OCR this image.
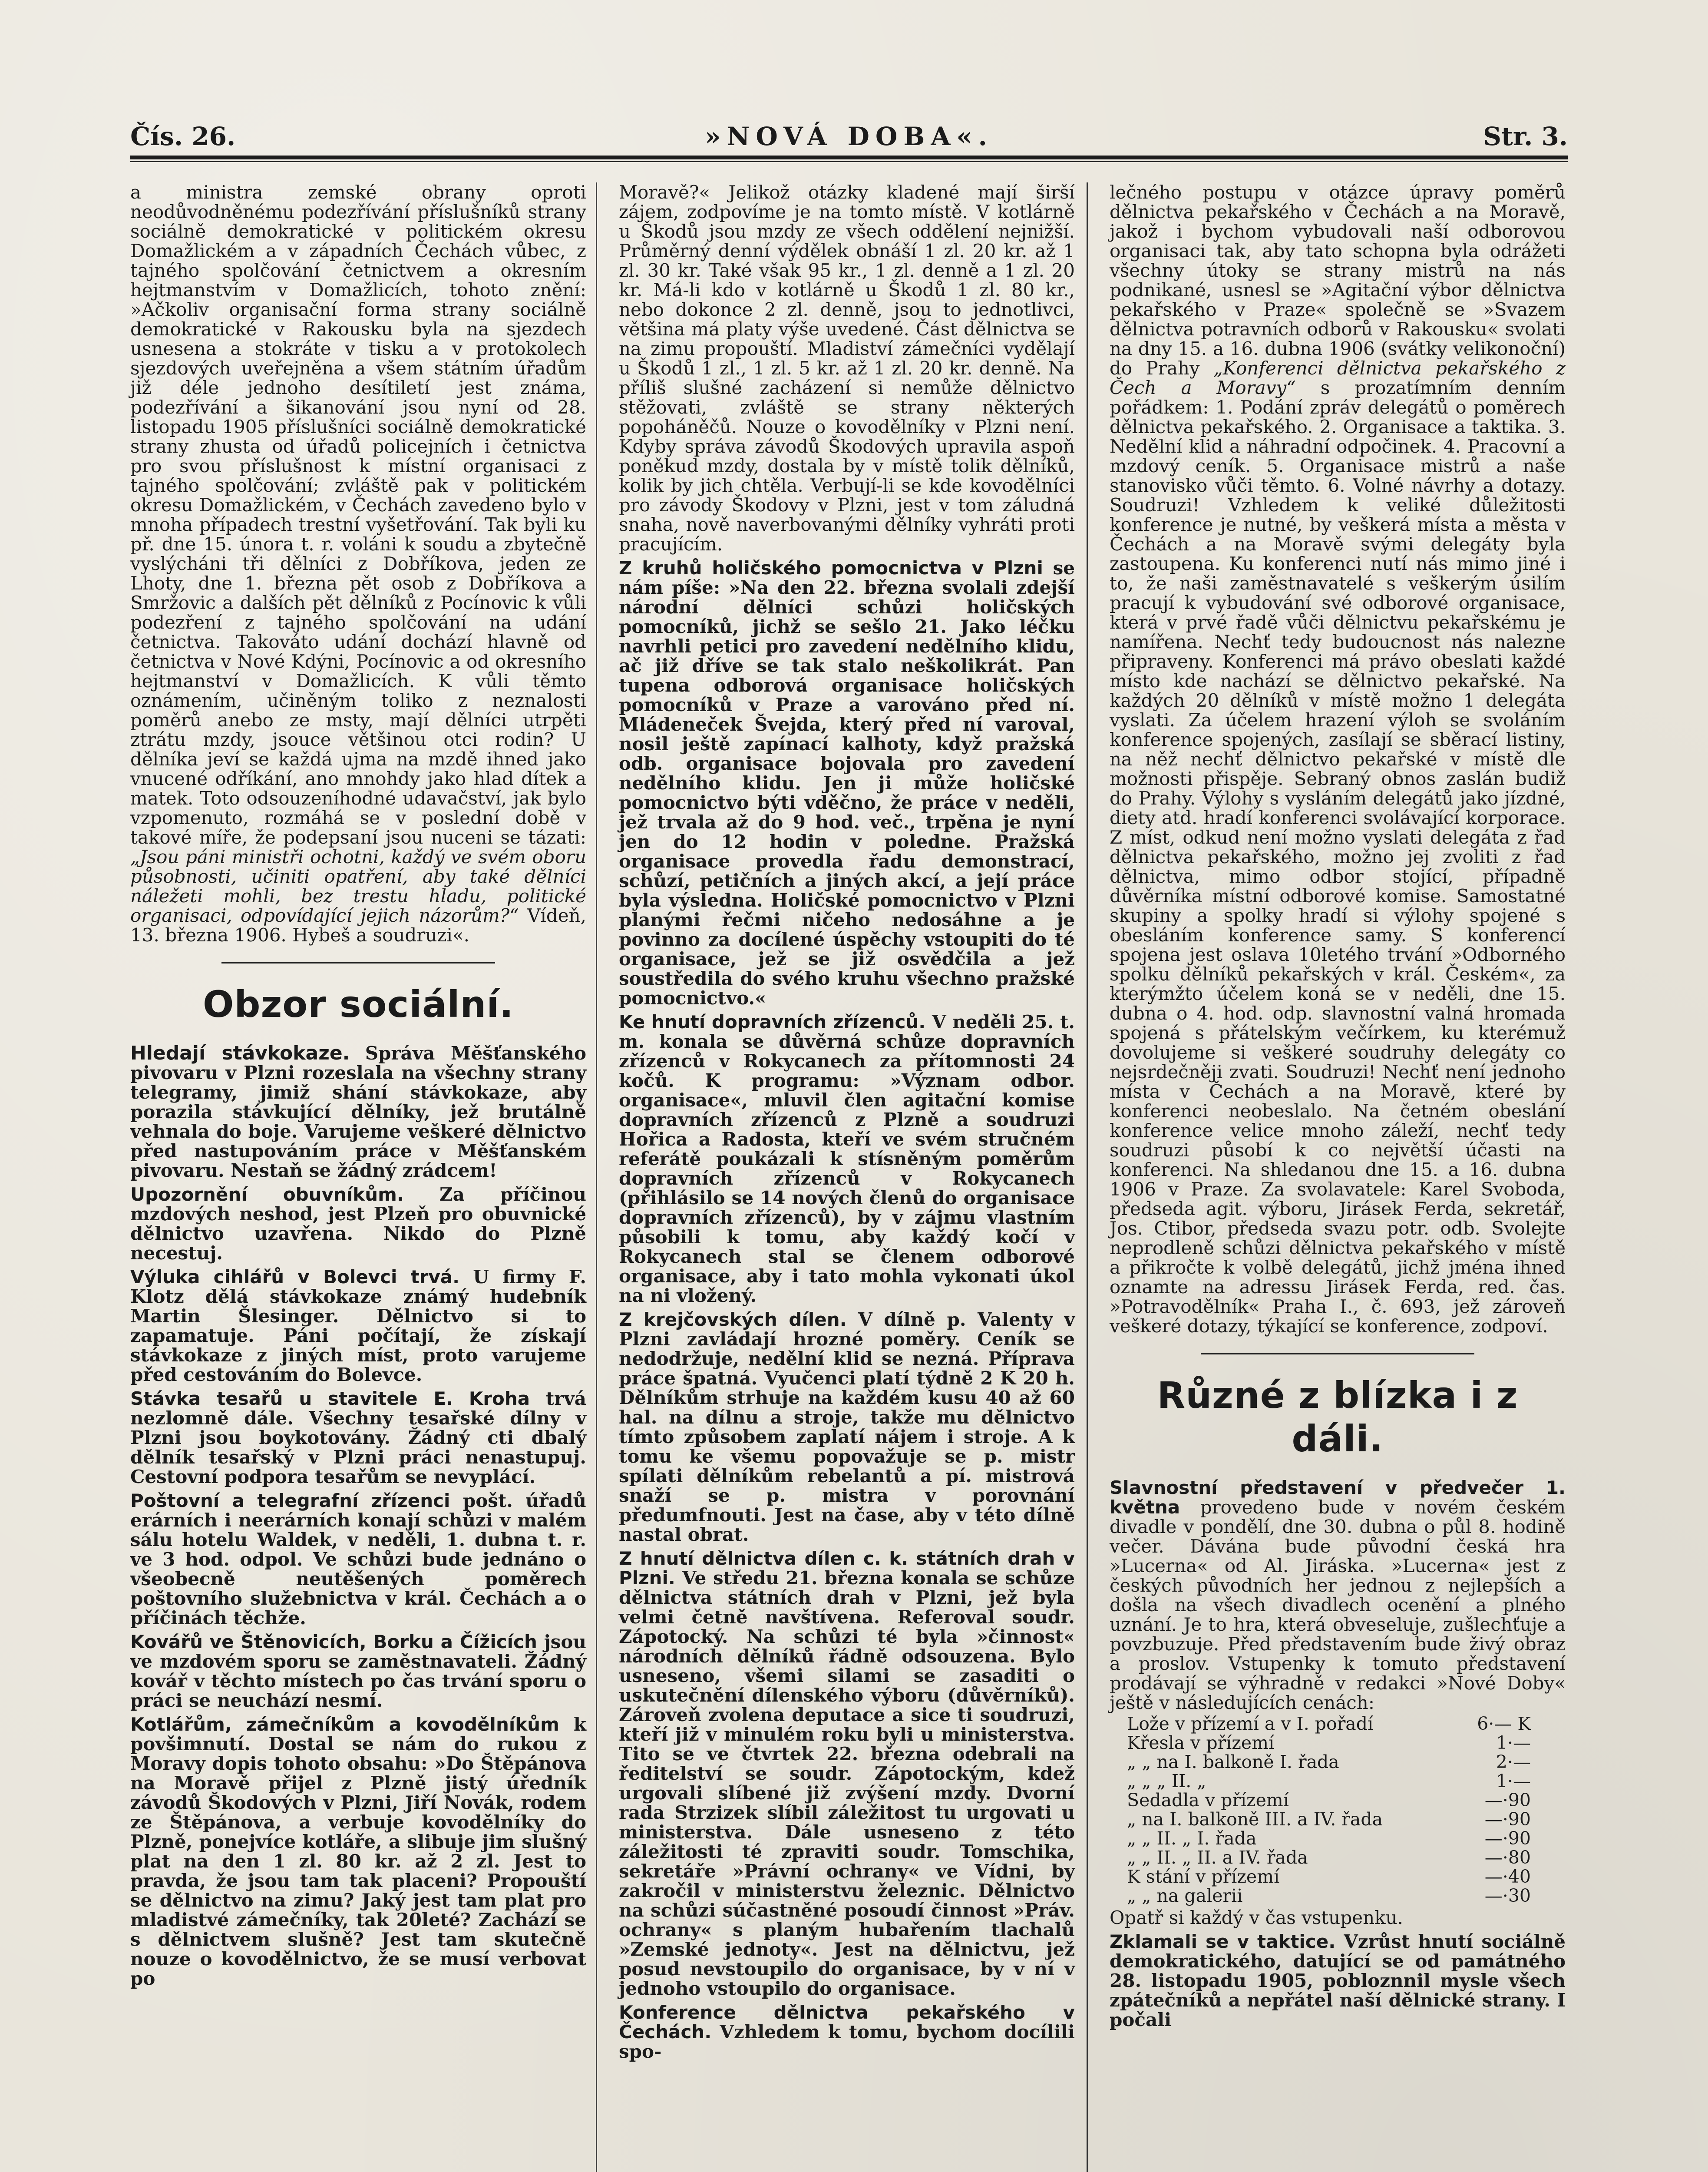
Čís. 26.	»NOVÁ DOBA«.	Str. 3.

a ministra zemské obrany oproti neodůvodněnému podezřívání příslušníků strany sociálně demokratické v politickém okresu Domažlickém a v západních Čechách vůbec, z tajného spolčování četnictvem a okresním hejtmanstvím v Domažlicích, tohoto znění: »Ačkoliv organisační forma strany sociálně demokratické v Rakousku byla na sjezdech usnesena a stokráte v tisku a v protokolech sjezdových uveřejněna a všem státním úřadům již déle jednoho desítiletí jest známa, podezřívání a šikanování jsou nyní od 28. listopadu 1905 příslušníci sociálně demokratické strany zhusta od úřadů policejních i četnictva pro svou příslušnost k místní organisaci z tajného spolčování; zvláště pak v politickém okresu Domažlickém, v Čechách zavedeno bylo v mnoha případech trestní vyšetřování. Tak byli ku př. dne 15. února t. r. voláni k soudu a zbytečně vyslýcháni tři dělníci z Dobříkova, jeden ze Lhoty, dne 1. března pět osob z Dobříkova a Smržovic a dalších pět dělníků z Pocínovic k vůli podezření z tajného spolčování na udání četnictva. Takováto udání dochází hlavně od četnictva v Nové Kdýni, Pocínovic a od okresního hejtmanství v Domažlicích. K vůli těmto oznámením, učiněným toliko z neznalosti poměrů anebo ze msty, mají dělníci utrpěti ztrátu mzdy, jsouce většinou otci rodin? U dělníka jeví se každá ujma na mzdě ihned jako vnucené odříkání, ano mnohdy jako hlad dítek a matek. Toto odsouzeníhodné udavačství, jak bylo vzpomenuto, rozmáhá se v poslední době v takové míře, že podepsaní jsou nuceni se tázati: „Jsou páni ministři ochotni, každý ve svém oboru působnosti, učiniti opatření, aby také dělníci náležeti mohli, bez trestu hladu, politické organisaci, odpovídající jejich názorům?“ Vídeň, 13. března 1906. Hybeš a soudruzi«.

Obzor sociální.

Hledají stávkokaze. Správa Měšťanského pivovaru v Plzni rozeslala na všechny strany telegramy, jimiž shání stávkokaze, aby porazila stávkující dělníky, jež brutálně vehnala do boje. Varujeme veškeré dělnictvo před nastupováním práce v Měšťanském pivovaru. Nestaň se žádný zrádcem!

Upozornění obuvníkům. Za příčinou mzdových neshod, jest Plzeň pro obuvnické dělnictvo uzavřena. Nikdo do Plzně necestuj.

Výluka cihlářů v Bolevci trvá. U firmy F. Klotz dělá stávkokaze známý hudebník Martin Šlesinger. Dělnictvo si to zapamatuje. Páni počítají, že získají stávkokaze z jiných míst, proto varujeme před cestováním do Bolevce.

Stávka tesařů u stavitele E. Kroha trvá nezlomně dále. Všechny tesařské dílny v Plzni jsou boykotovány. Žádný cti dbalý dělník tesařský v Plzni práci nenastupuj. Cestovní podpora tesařům se nevyplácí.

Poštovní a telegrafní zřízenci pošt. úřadů erárních i neerárních konají schůzi v malém sálu hotelu Waldek, v neděli, 1. dubna t. r. ve 3 hod. odpol. Ve schůzi bude jednáno o všeobecně neutěšených poměrech poštovního služebnictva v král. Čechách a o příčinách těchže.

Kovářů ve Štěnovicích, Borku a Čížicích jsou ve mzdovém sporu se zaměstnavateli. Žádný kovář v těchto místech po čas trvání sporu o práci se neuchází nesmí.

Kotlářům, zámečníkům a kovodělníkům k povšimnutí. Dostal se nám do rukou z Moravy dopis tohoto obsahu: »Do Štěpánova na Moravě přijel z Plzně jistý úředník závodů Škodových v Plzni, Jiří Novák, rodem ze Štěpánova, a verbuje kovodělníky do Plzně, ponejvíce kotláře, a slibuje jim slušný plat na den 1 zl. 80 kr. až 2 zl. Jest to pravda, že jsou tam tak placeni? Propouští se dělnictvo na zimu? Jaký jest tam plat pro mladistvé zámečníky, tak 20leté? Zachází se s dělnictvem slušně? Jest tam skutečně nouze o kovodělnictvo, že se musí verbovat po

Moravě?« Jelikož otázky kladené mají širší zájem, zodpovíme je na tomto místě. V kotlárně u Škodů jsou mzdy ze všech oddělení nejnižší. Průměrný denní výdělek obnáší 1 zl. 20 kr. až 1 zl. 30 kr. Také však 95 kr., 1 zl. denně a 1 zl. 20 kr. Má-li kdo v kotlárně u Škodů 1 zl. 80 kr., nebo dokonce 2 zl. denně, jsou to jednotlivci, většina má platy výše uvedené. Část dělnictva se na zimu propouští. Mladiství zámečníci vydělají u Škodů 1 zl., 1 zl. 5 kr. až 1 zl. 20 kr. denně. Na příliš slušné zacházení si nemůže dělnictvo stěžovati, zvláště se strany některých popoháněčů. Nouze o kovodělníky v Plzni není. Kdyby správa závodů Škodových upravila aspoň poněkud mzdy, dostala by v místě tolik dělníků, kolik by jich chtěla. Verbují-li se kde kovodělníci pro závody Škodovy v Plzni, jest v tom záludná snaha, nově naverbovanými dělníky vyhráti proti pracujícím.

Z kruhů holičského pomocnictva v Plzni se nám píše: »Na den 22. března svolali zdejší národní dělníci schůzi holičských pomocníků, jichž se sešlo 21. Jako léčku navrhli petici pro zavedení nedělního klidu, ač již dříve se tak stalo neškolikrát. Pan tupena odborová organisace holičských pomocníků v Praze a varováno před ní. Mládeneček Švejda, který před ní varoval, nosil ještě zapínací kalhoty, když pražská odb. organisace bojovala pro zavedení nedělního klidu. Jen ji může holičské pomocnictvo býti vděčno, že práce v neděli, jež trvala až do 9 hod. več., trpěna je nyní jen do 12 hodin v poledne. Pražská organisace provedla řadu demonstrací, schůzí, petičních a jiných akcí, a její práce byla výsledna. Holičské pomocnictvo v Plzni planými řečmi ničeho nedosáhne a je povinno za docílené úspěchy vstoupiti do té organisace, jež se již osvědčila a jež soustředila do svého kruhu všechno pražské pomocnictvo.«

Ke hnutí dopravních zřízenců. V neděli 25. t. m. konala se důvěrná schůze dopravních zřízenců v Rokycanech za přítomnosti 24 kočů. K programu: »Význam odbor. organisace«, mluvil člen agitační komise dopravních zřízenců z Plzně a soudruzi Hořica a Radosta, kteří ve svém stručném referátě poukázali k stísněným poměrům dopravních zřízenců v Rokycanech (přihlásilo se 14 nových členů do organisace dopravních zřízenců), by v zájmu vlastním působili k tomu, aby každý kočí v Rokycanech stal se členem odborové organisace, aby i tato mohla vykonati úkol na ni vložený.

Z krejčovských dílen. V dílně p. Valenty v Plzni zavládají hrozné poměry. Ceník se nedodržuje, nedělní klid se nezná. Příprava práce špatná. Vyučenci platí týdně 2 K 20 h. Dělníkům strhuje na každém kusu 40 až 60 hal. na dílnu a stroje, takže mu dělnictvo tímto způsobem zaplatí nájem i stroje. A k tomu ke všemu popovažuje se p. mistr spílati dělníkům rebelantů a pí. mistrová snaží se p. mistra v porovnání předumfnouti. Jest na čase, aby v této dílně nastal obrat.

Z hnutí dělnictva dílen c. k. státních drah v Plzni. Ve středu 21. března konala se schůze dělnictva státních drah v Plzni, jež byla velmi četně navštívena. Referoval soudr. Zápotocký. Na schůzi té byla »činnost« národních dělníků řádně odsouzena. Bylo usneseno, všemi silami se zasaditi o uskutečnění dílenského výboru (důvěrníků). Zároveň zvolena deputace a sice ti soudruzi, kteří již v minulém roku byli u ministerstva. Tito se ve čtvrtek 22. března odebrali na ředitelství se soudr. Zápotockým, kdež urgovali slíbené již zvýšení mzdy. Dvorní rada Strzizek slíbil záležitost tu urgovati u ministerstva. Dále usneseno z této záležitosti té zpraviti soudr. Tomschika, sekretáře »Právní ochrany« ve Vídni, by zakročil v ministerstvu železnic. Dělnictvo na schůzi súčastněné posoudí činnost »Práv. ochrany« s planým hubařením tlachalů »Zemské jednoty«. Jest na dělnictvu, jež posud nevstoupilo do organisace, by v ní v jednoho vstoupilo do organisace.

Konference dělnictva pekařského v Čechách. Vzhledem k tomu, bychom docílili spo-

lečného postupu v otázce úpravy poměrů dělnictva pekařského v Čechách a na Moravě, jakož i bychom vybudovali naší odborovou organisaci tak, aby tato schopna byla odrážeti všechny útoky se strany mistrů na nás podnikané, usnesl se »Agitační výbor dělnictva pekařského v Praze« společně se »Svazem dělnictva potravních odborů v Rakousku« svolati na dny 15. a 16. dubna 1906 (svátky velikonoční) do Prahy „Konferenci dělnictva pekařského z Čech a Moravy“ s prozatímním denním pořádkem: 1. Podání zpráv delegátů o poměrech dělnictva pekařského. 2. Organisace a taktika. 3. Nedělní klid a náhradní odpočinek. 4. Pracovní a mzdový ceník. 5. Organisace mistrů a naše stanovisko vůči těmto. 6. Volné návrhy a dotazy. Soudruzi! Vzhledem k veliké důležitosti konference je nutné, by veškerá místa a města v Čechách a na Moravě svými delegáty byla zastoupena. Ku konferenci nutí nás mimo jiné i to, že naši zaměstnavatelé s veškerým úsilím pracují k vybudování své odborové organisace, která v prvé řadě vůči dělnictvu pekařskému je namířena. Nechť tedy budoucnost nás nalezne připraveny. Konferenci má právo obeslati každé místo kde nachází se dělnictvo pekařské. Na každých 20 dělníků v místě možno 1 delegáta vyslati. Za účelem hrazení výloh se svoláním konference spojených, zasílají se sběrací listiny, na něž nechť dělnictvo pekařské v místě dle možnosti přispěje. Sebraný obnos zaslán budiž do Prahy. Výlohy s vysláním delegátů jako jízdné, diety atd. hradí konferenci svolávající korporace. Z míst, odkud není možno vyslati delegáta z řad dělnictva pekařského, možno jej zvoliti z řad dělnictva, mimo odbor stojící, případně důvěrníka místní odborové komise. Samostatné skupiny a spolky hradí si výlohy spojené s obesláním konference samy. S konferencí spojena jest oslava 10letého trvání »Odborného spolku dělníků pekařských v král. Českém«, za kterýmžto účelem koná se v neděli, dne 15. dubna o 4. hod. odp. slavnostní valná hromada spojená s přátelským večírkem, ku kterémuž dovolujeme si veškeré soudruhy delegáty co nejsrdečněji zvati. Soudruzi! Nechť není jednoho místa v Čechách a na Moravě, které by konferenci neobeslalo. Na četném obeslání konference velice mnoho záleží, nechť tedy soudruzi působí k co největší účasti na konferenci. Na shledanou dne 15. a 16. dubna 1906 v Praze. Za svolavatele: Karel Svoboda, předseda agit. výboru, Jirásek Ferda, sekretář, Jos. Ctibor, předseda svazu potr. odb. Svolejte neprodleně schůzi dělnictva pekařského v místě a přikročte k volbě delegátů, jichž jména ihned oznamte na adressu Jirásek Ferda, red. čas. »Potravodělník« Praha I., č. 693, jež zároveň veškeré dotazy, týkající se konference, zodpoví.

Různé z blízka i z dáli.

Slavnostní představení v předvečer 1. května provedeno bude v novém českém divadle v pondělí, dne 30. dubna o půl 8. hodině večer. Dávána bude původní česká hra »Lucerna« od Al. Jiráska. »Lucerna« jest z českých původních her jednou z nejlepších a došla na všech divadlech ocenění a plného uznání. Je to hra, která obveseluje, zušlechťuje a povzbuzuje. Před představením bude živý obraz a proslov. Vstupenky k tomuto představení prodávají se výhradně v redakci »Nové Doby« ještě v následujících cenách:

Lože v přízemí a v I. pořadí	6·— K
Křesla v přízemí	1·—
„ „ na I. balkoně I. řada	2·—
„ „ „ II. „	1·—
Sedadla v přízemí	—·90
„ na I. balkoně III. a IV. řada	—·90
„ „ II. „ I. řada	—·90
„ „ II. „ II. a IV. řada	—·80
K stání v přízemí	—·40
„ „ na galerii	—·30

Opatř si každý v čas vstupenku.

Zklamali se v taktice. Vzrůst hnutí sociálně demokratického, datující se od památného 28. listopadu 1905, pobloznnil mysle všech zpátečníků a nepřátel naší dělnické strany. I počali
